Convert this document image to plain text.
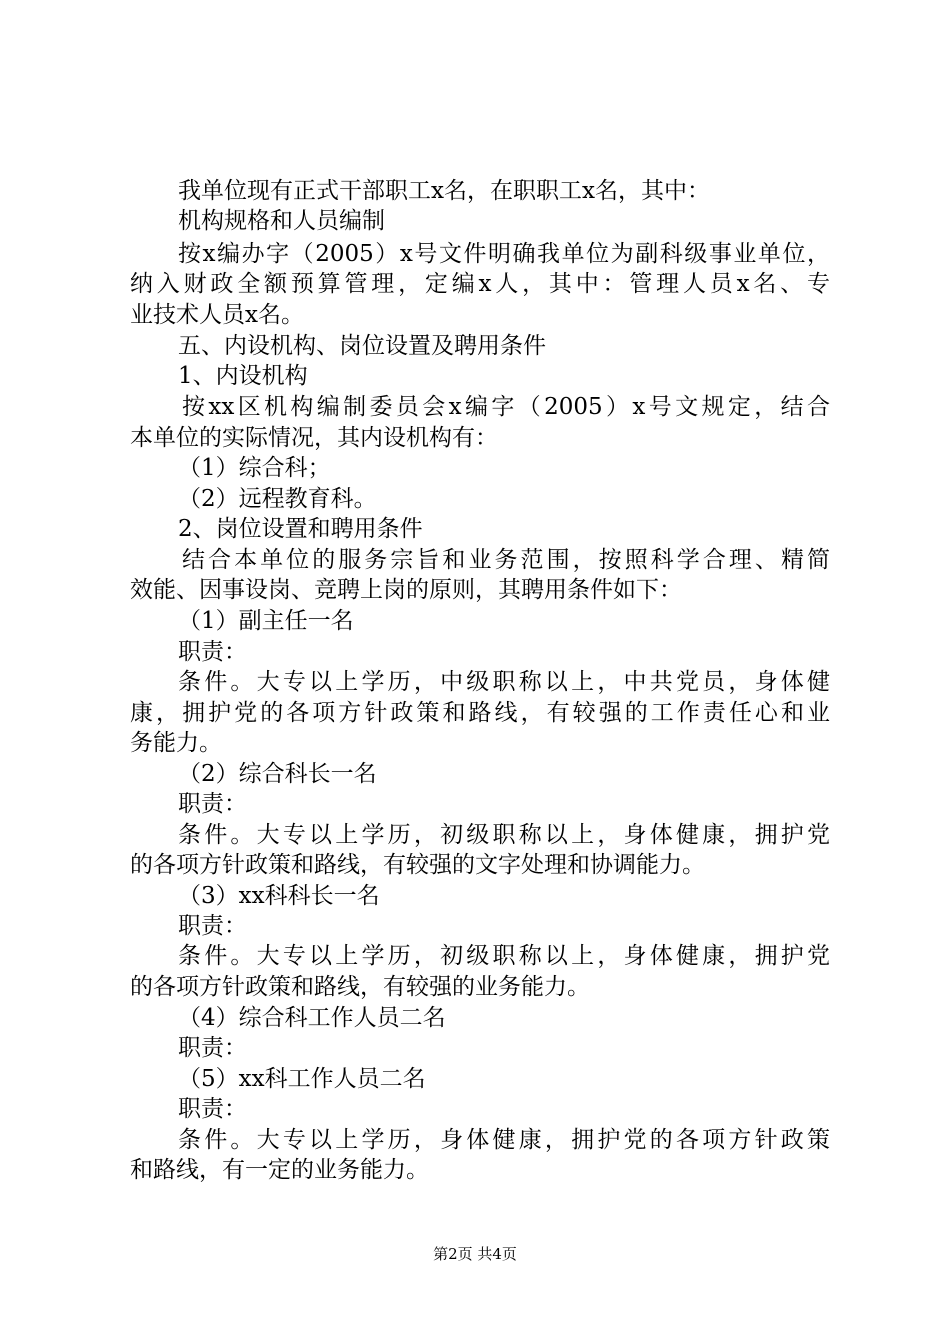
我单位现有正式干部职工x名，在职职工x名，其中：
机构规格和人员编制
按x编办字（2005）x号文件明确我单位为副科级事业单位，
纳入财政全额预算管理，定编x人，其中：管理人员x名、专
业技术人员x名。
五、内设机构、岗位设置及聘用条件
1、内设机构
按xx区机构编制委员会x编字（2005）x号文规定，结合
本单位的实际情况，其内设机构有：
（1）综合科；
（2）远程教育科。
2、岗位设置和聘用条件
结合本单位的服务宗旨和业务范围，按照科学合理、精简
效能、因事设岗、竞聘上岗的原则，其聘用条件如下：
（1）副主任一名
职责：
条件。大专以上学历，中级职称以上，中共党员，身体健
康，拥护党的各项方针政策和路线，有较强的工作责任心和业
务能力。
（2）综合科长一名
职责：
条件。大专以上学历，初级职称以上，身体健康，拥护党
的各项方针政策和路线，有较强的文字处理和协调能力。
（3）xx科科长一名
职责：
条件。大专以上学历，初级职称以上，身体健康，拥护党
的各项方针政策和路线，有较强的业务能力。
（4）综合科工作人员二名
职责：
（5）xx科工作人员二名
职责：
条件。大专以上学历，身体健康，拥护党的各项方针政策
和路线，有一定的业务能力。
第2页 共4页
